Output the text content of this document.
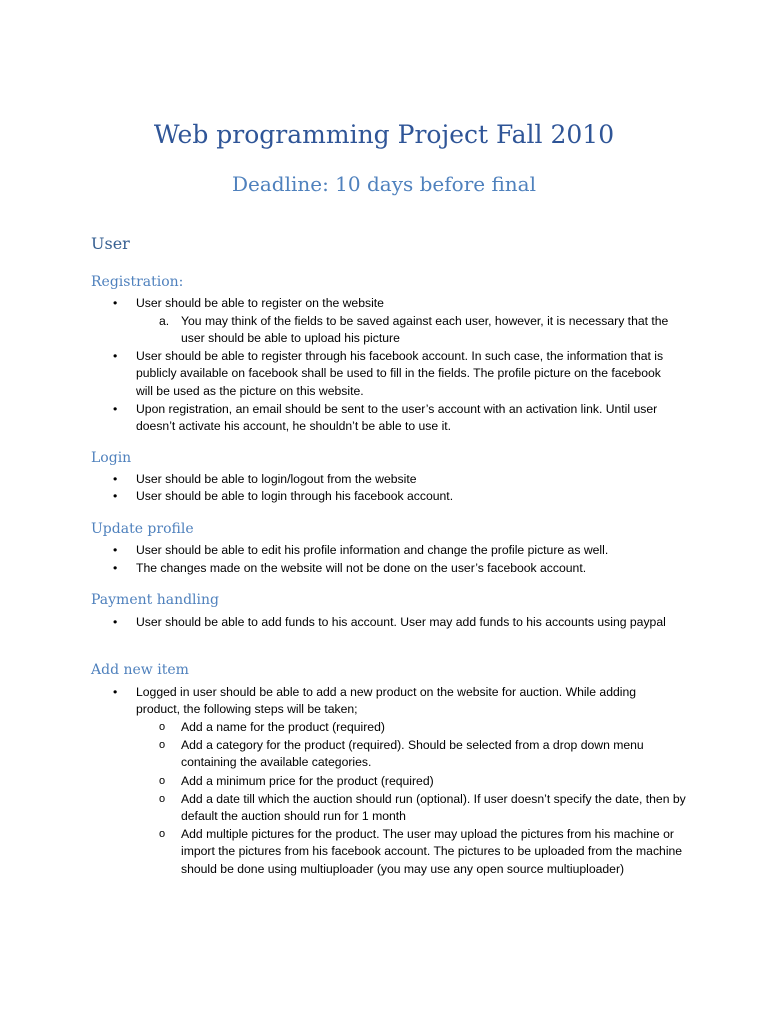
Web programming Project Fall 2010
Deadline: 10 days before final
User
Registration:
•	User should be able to register on the website
a. You may think of the fields to be saved against each user, however, it is necessary that the user should be able to upload his picture
•	User should be able to register through his facebook account. In such case, the information that is publicly available on facebook shall be used to fill in the fields. The profile picture on the facebook will be used as the picture on this website.
•	Upon registration, an email should be sent to the user’s account with an activation link. Until user doesn’t activate his account, he shouldn’t be able to use it.
Login
•	User should be able to login/logout from the website
•	User should be able to login through his facebook account.
Update profile
•	User should be able to edit his profile information and change the profile picture as well.
•	The changes made on the website will not be done on the user’s facebook account.
Payment handling
•	User should be able to add funds to his account. User may add funds to his accounts using paypal
Add new item
•	Logged in user should be able to add a new product on the website for auction. While adding product, the following steps will be taken;
o Add a name for the product (required)
o Add a category for the product (required). Should be selected from a drop down menu containing the available categories.
o Add a minimum price for the product (required)
o Add a date till which the auction should run (optional). If user doesn’t specify the date, then by default the auction should run for 1 month
o Add multiple pictures for the product. The user may upload the pictures from his machine or import the pictures from his facebook account. The pictures to be uploaded from the machine should be done using multiuploader (you may use any open source multiuploader)
